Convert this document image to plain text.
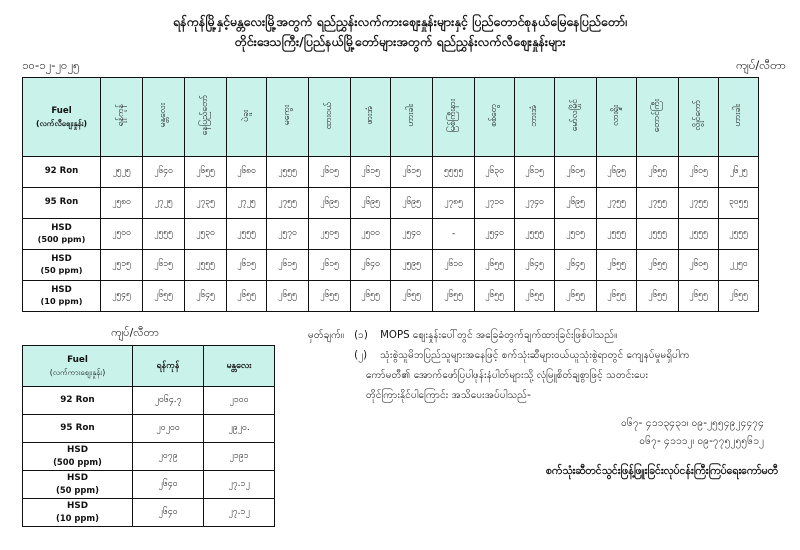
ရန်ကုန်မြို့နှင့်မန္တလေးမြို့အတွက် ရည်ညွှန်းလက်ကားဈေးနှုန်းများနှင့် ပြည်တောင်စုနယ်မြေနေပြည်တော်၊
တိုင်းဒေသကြီး/ပြည်နယ်မြို့တော်များအတွက် ရည်ညွှန်းလက်လီဈေးနှုန်းများ
၁၀-၁၂-၂၀၂၅	ကျပ်/လီတာ
Fuel
(လက်လီဈေးနှုန်း)	ရန်ကုန်	မန္တလေး	နေပြည်တော်	ပဲခူး	မကွေး	ထားဝယ်	ဖားအံ	ဟားခါး	မြစ်ကြီးနား	စစ်တွေ	ဘားအံ	မော်လမြိုင်	လားရှိုး	တောင်ကြီး	လွိုင်ကော်	ဟားခါး
92 Ron	၂၅၂၅	၂၆၄၀	၂၆၅၅	၂၆၈၀	၂၅၅၅	၂၆၀၅	၂၆၁၅	၂၆၁၅	၅၅၅၅	၂၆၃၀	၂၆၁၅	၂၆၀၅	၂၆၉၅	၂၆၅၅	၂၆၀၅	၂၆၂၅
95 Ron	၂၅၈၀	၂၇၂၅	၂၇၃၅	၂၇၂၅	၂၇၅၅	၂၆၉၅	၂၆၉၅	၂၆၉၅	၂၇၈၅	၂၇၁၀	၂၇၄၀	၂၆၉၅	၂၇၅၅	၂၇၅၅	၂၇၅၅	၃၀၅၅
HSD
(500 ppm)	၂၅၀၀	၂၅၅၅	၂၅၃၀	၂၅၅၅	၂၅၇၀	၂၅၀၅	၂၅၀၀	၂၅၄၀	-	၂၅၄၀	၂၅၅၅	၂၅၀၅	၂၅၅၅	၂၅၅၅	၂၅၅၅	၂၅၅၅
HSD
(50 ppm)	၂၅၁၅	၂၆၁၅	၂၅၅၅	၂၆၁၅	၂၆၁၅	၂၆၁၅	၂၆၄၀	၂၅၉၅	၂၆၁၀	၂၆၅၅	၂၆၄၅	၂၆၄၅	၂၆၅၅	၂၆၅၅	၂၆၀၅	၂၂၅၀
HSD
(10 ppm)	၂၅၄၅	၂၆၅၅	၂၆၄၅	၂၆၅၅	၂၆၅၅	၂၆၅၅	၂၆၅၅	၂၆၅၅	၂၆၅၅	၂၆၅၅	၂၆၅၅	၂၆၅၅	၂၆၅၅	၂၆၅၅	၂၆၅၅	၂၆၅၅
ကျပ်/လီတာ
Fuel
(လက်ကားဈေးနှုန်း)	ရန်ကုန်	မန္တလေး
92 Ron	၂၀၆၄.၇	၂၁၀၀
95 Ron	၂၀၂၀၀	၂၉၂၀.
HSD
(500 ppm)	၂၀၇၉	၂၁၉၁
HSD
(50 ppm)	၂၆၄၀	၂၇.၁၂
HSD
(10 ppm)	၂၆၄၀	၂၇.၁၂
မှတ်ချက်။ (၁)	MOPS ဈေးနှုန်းပေါ်တွင် အခြေခံတွက်ချက်ထားခြင်းဖြစ်ပါသည်။
(၂)	သုံးစွဲသူမိဘပြည်သူများအနေဖြင့် စက်သုံးဆီများဝယ်ယူသုံးစွဲရာတွင် ကျေနပ်မှုမရှိပါက
ကော်မတီ၏ အောက်ဖော်ပြပါဖုန်းနံပါတ်များသို့ လုံမြူစိတ်ချစွာဖြင့် သတင်းပေး
တိုင်ကြားနိုင်ပါကြောင်း အသိပေးအပ်ပါသည်-
၀၆၇- ၄၁၁၃၄၃၁၊ ၀၉-၂၅၅၄၉၂၄၄၇၄
၀၆၇- ၄၁၁၁၂၊ ၀၉-၇၇၅၂၅၅၆၁၂
စက်သုံးဆီတင်သွင်းဖြန့်ဖြူးခြင်းလုပ်ငန်းကြီးကြပ်ရေးကော်မတီ
